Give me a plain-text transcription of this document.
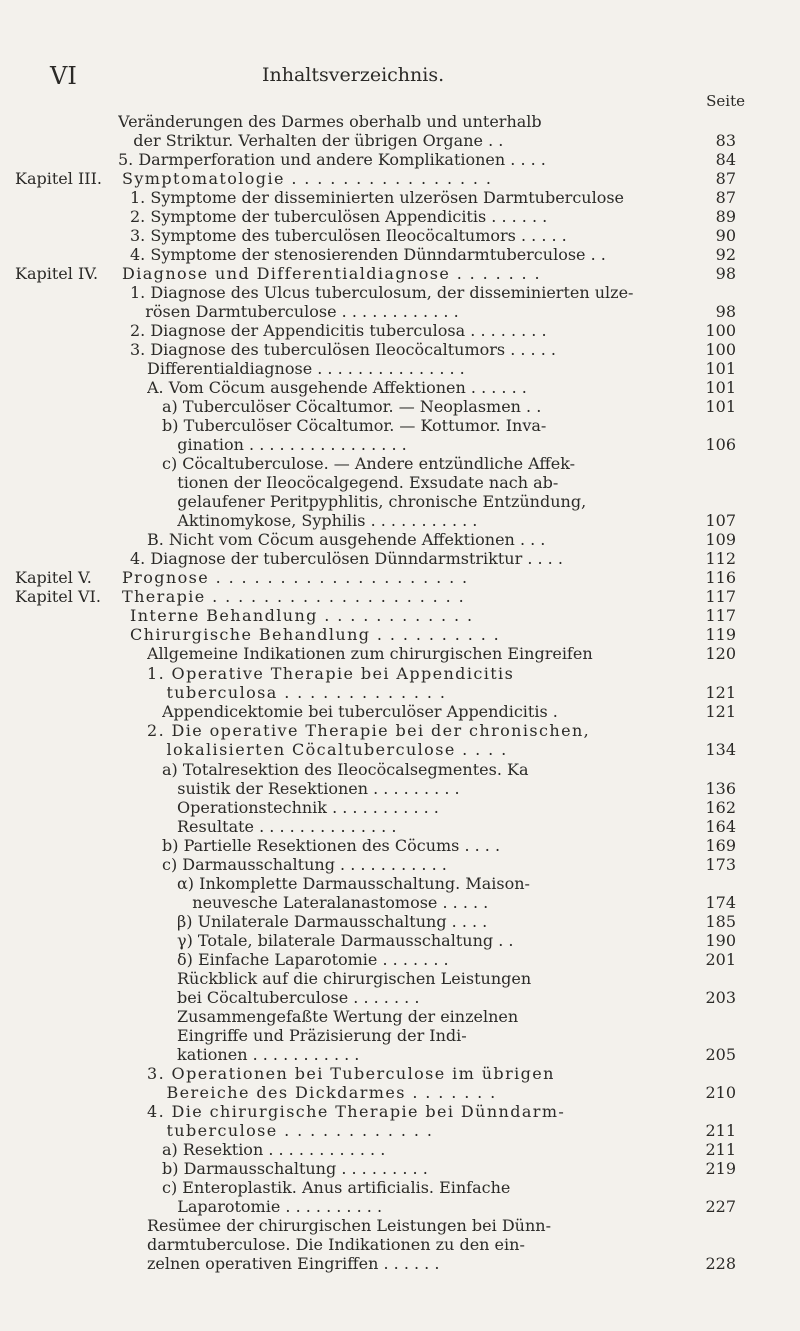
VI	Inhaltsverzeichnis.
Seite
Veränderungen des Darmes oberhalb und unterhalb
der Striktur. Verhalten der übrigen Organe . .	83
5. Darmperforation und andere Komplikationen . . . .	84
Kapitel III.	Symptomatologie . . . . . . . . . . . . . . . .	87
1. Symptome der disseminierten ulzerösen Darmtuberculose	87
2. Symptome der tuberculösen Appendicitis . . . . . .	89
3. Symptome des tuberculösen Ileocöcaltumors . . . . .	90
4. Symptome der stenosierenden Dünndarmtuberculose . .	92
Kapitel IV.	Diagnose und Differentialdiagnose . . . . . . .	98
1. Diagnose des Ulcus tuberculosum, der disseminierten ulze-
rösen Darmtuberculose . . . . . . . . . . . .	98
2. Diagnose der Appendicitis tuberculosa . . . . . . . .	100
3. Diagnose des tuberculösen Ileocöcaltumors . . . . .	100
Differentialdiagnose . . . . . . . . . . . . . . .	101
A. Vom Cöcum ausgehende Affektionen . . . . . .	101
a) Tuberculöser Cöcaltumor. — Neoplasmen . .	101
b) Tuberculöser Cöcaltumor. — Kottumor. Inva-
gination . . . . . . . . . . . . . . . .	106
c) Cöcaltuberculose. — Andere entzündliche Affek-
tionen der Ileocöcalgegend. Exsudate nach ab-
gelaufener Peritpyphlitis, chronische Entzündung,
Aktinomykose, Syphilis . . . . . . . . . . .	107
B. Nicht vom Cöcum ausgehende Affektionen . . .	109
4. Diagnose der tuberculösen Dünndarmstriktur . . . .	112
Kapitel V.	Prognose . . . . . . . . . . . . . . . . . . . .	116
Kapitel VI.	Therapie . . . . . . . . . . . . . . . . . . . .	117
Interne Behandlung . . . . . . . . . . . .	117
Chirurgische Behandlung . . . . . . . . . .	119
Allgemeine Indikationen zum chirurgischen Eingreifen	120
1. Operative Therapie bei Appendicitis
tuberculosa . . . . . . . . . . . . .	121
Appendicektomie bei tuberculöser Appendicitis .	121
2. Die operative Therapie bei der chronischen,
lokalisierten Cöcaltuberculose . . . .	134
a) Totalresektion des Ileocöcalsegmentes. Ka
suistik der Resektionen . . . . . . . . .	136
Operationstechnik . . . . . . . . . . .	162
Resultate . . . . . . . . . . . . . .	164
b) Partielle Resektionen des Cöcums . . . .	169
c) Darmausschaltung . . . . . . . . . . .	173
α) Inkomplette Darmausschaltung. Maison-
neuvesche Lateralanastomose . . . . .	174
β) Unilaterale Darmausschaltung . . . .	185
γ) Totale, bilaterale Darmausschaltung . .	190
δ) Einfache Laparotomie . . . . . . .	201
Rückblick auf die chirurgischen Leistungen
bei Cöcaltuberculose . . . . . . .	203
Zusammengefaßte Wertung der einzelnen
Eingriffe und Präzisierung der Indi-
kationen . . . . . . . . . . .	205
3. Operationen bei Tuberculose im übrigen
Bereiche des Dickdarmes . . . . . . .	210
4. Die chirurgische Therapie bei Dünndarm-
tuberculose . . . . . . . . . . . .	211
a) Resektion . . . . . . . . . . . .	211
b) Darmausschaltung . . . . . . . . .	219
c) Enteroplastik. Anus artificialis. Einfache
Laparotomie . . . . . . . . . .	227
Resümee der chirurgischen Leistungen bei Dünn-
darmtuberculose. Die Indikationen zu den ein-
zelnen operativen Eingriffen . . . . . .	228
